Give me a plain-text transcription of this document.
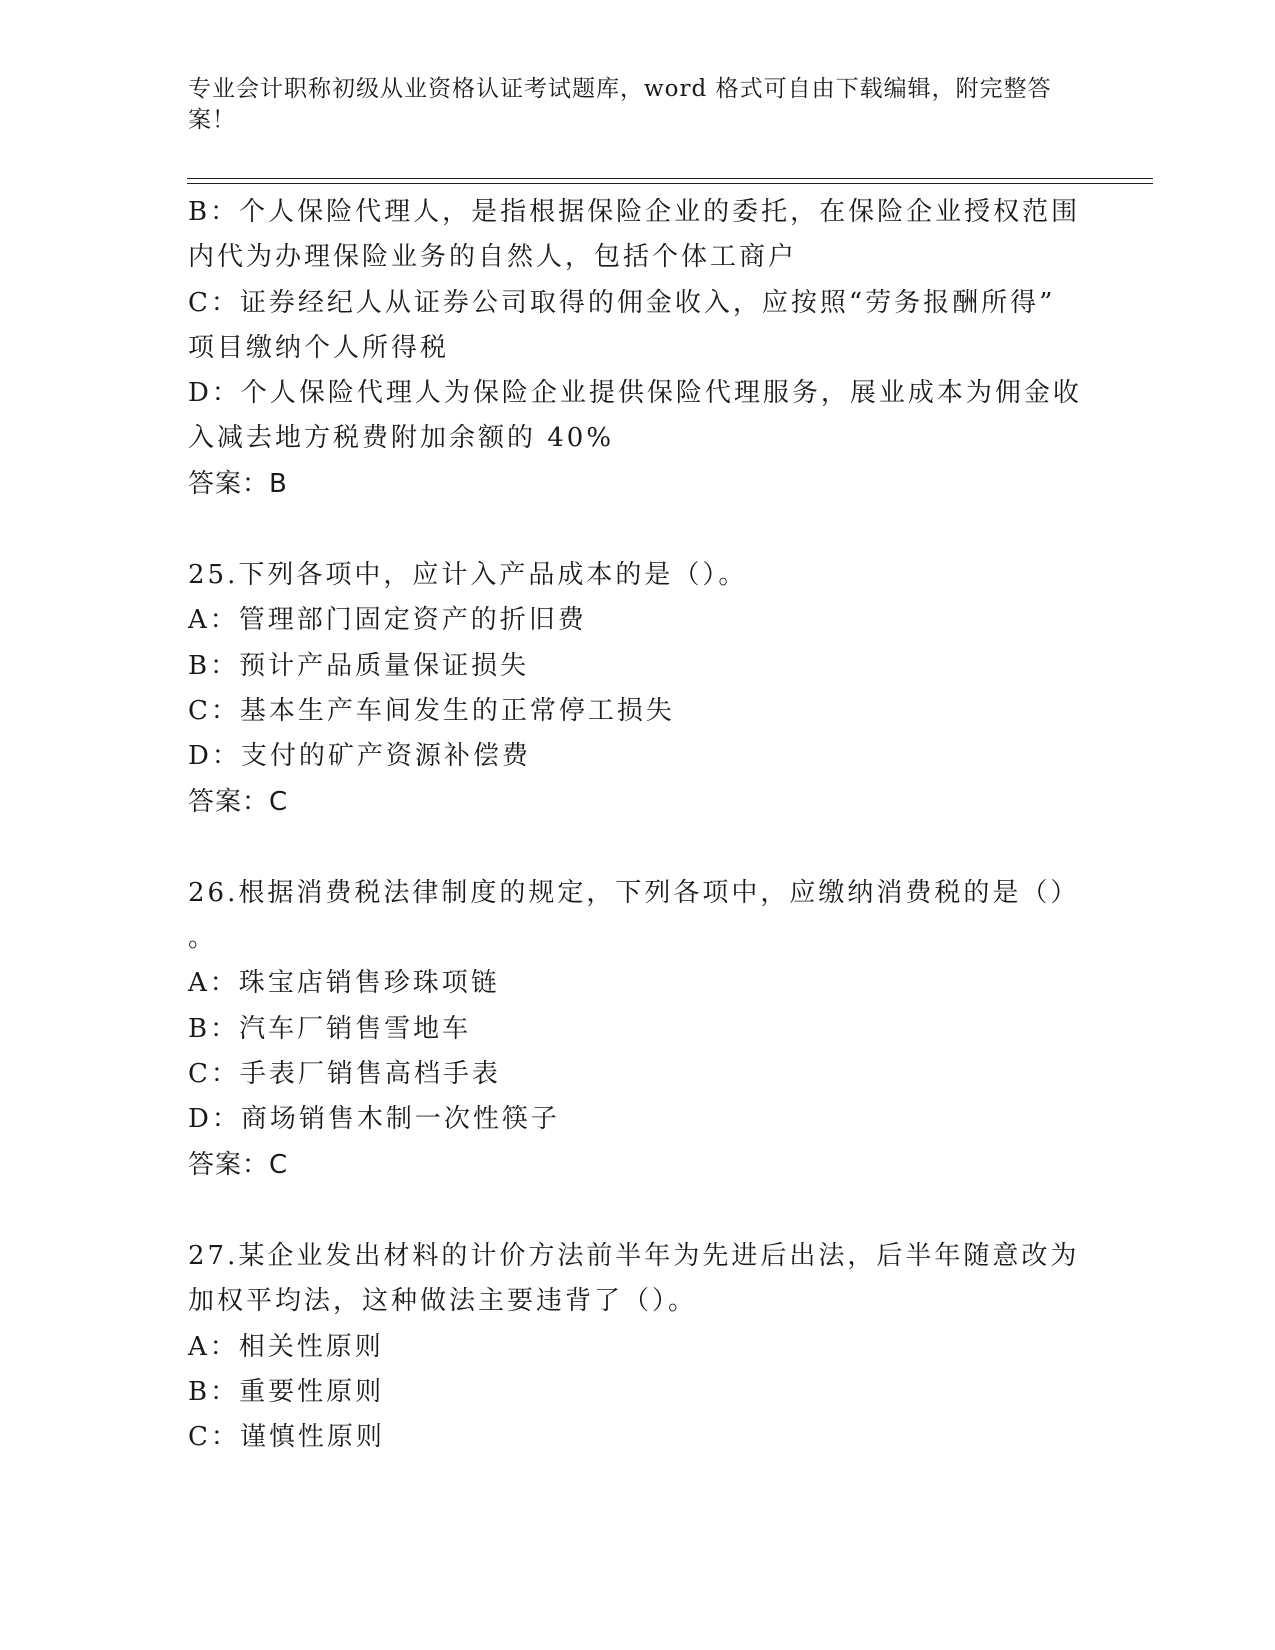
专业会计职称初级从业资格认证考试题库，word 格式可自由下载编辑，附完整答
案！
B：个人保险代理人，是指根据保险企业的委托，在保险企业授权范围
内代为办理保险业务的自然人，包括个体工商户
C：证券经纪人从证券公司取得的佣金收入，应按照“劳务报酬所得”
项目缴纳个人所得税
D：个人保险代理人为保险企业提供保险代理服务，展业成本为佣金收
入减去地方税费附加余额的 40%
答案：B
25.下列各项中，应计入产品成本的是（）。
A：管理部门固定资产的折旧费
B：预计产品质量保证损失
C：基本生产车间发生的正常停工损失
D：支付的矿产资源补偿费
答案：C
26.根据消费税法律制度的规定，下列各项中，应缴纳消费税的是（）
。
A：珠宝店销售珍珠项链
B：汽车厂销售雪地车
C：手表厂销售高档手表
D：商场销售木制一次性筷子
答案：C
27.某企业发出材料的计价方法前半年为先进后出法，后半年随意改为
加权平均法，这种做法主要违背了（）。
A：相关性原则
B：重要性原则
C：谨慎性原则
